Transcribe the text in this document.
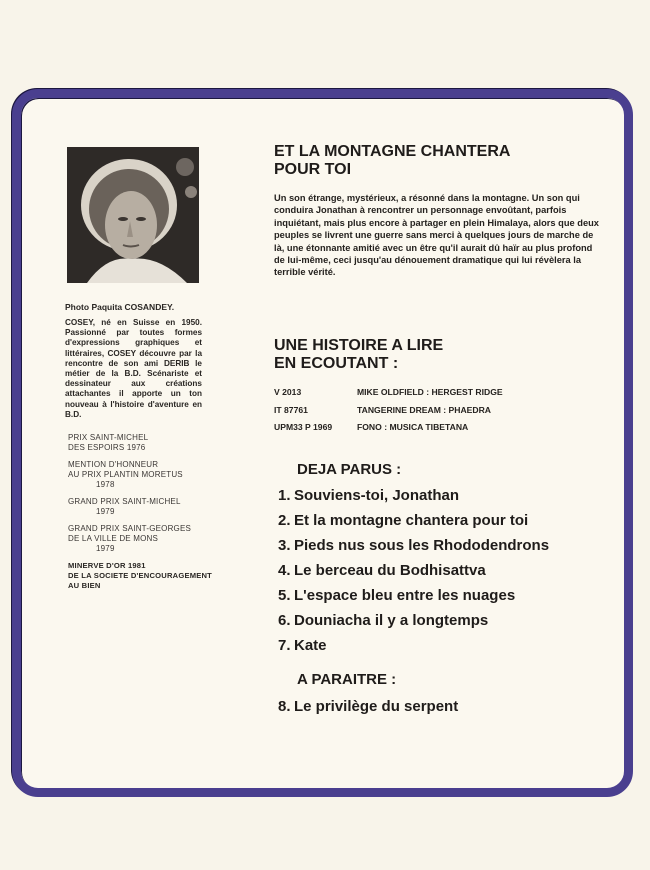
Photo Paquita COSANDEY.
COSEY, né en Suisse en 1950. Passionné par toutes formes d'expressions graphiques et littéraires, COSEY découvre par la rencontre de son ami DERIB le métier de la B.D. Scénariste et dessinateur aux créations attachantes il apporte un ton nouveau à l'histoire d'aventure en B.D.
PRIX SAINT-MICHEL
DES ESPOIRS 1976
MENTION D'HONNEUR
AU PRIX PLANTIN MORETUS
1978
GRAND PRIX SAINT-MICHEL
1979
GRAND PRIX SAINT-GEORGES
DE LA VILLE DE MONS
1979
MINERVE D'OR 1981
DE LA SOCIETE D'ENCOURAGEMENT
AU BIEN
ET LA MONTAGNE CHANTERA
POUR TOI

Un son étrange, mystérieux, a résonné dans la montagne. Un son qui conduira Jonathan à rencontrer un personnage envoûtant, parfois inquiétant, mais plus encore à partager en plein Himalaya, alors que deux peuples se livrent une guerre sans merci à quelques jours de marche de là, une étonnante amitié avec un être qu'il aurait dû haïr au plus profond de lui-même, ceci jusqu'au dénouement dramatique qui lui révèlera la terrible vérité.

UNE HISTOIRE A LIRE
EN ECOUTANT :
V 2013	MIKE OLDFIELD : HERGEST RIDGE
IT 87761	TANGERINE DREAM : PHAEDRA
UPM33 P 1969	FONO : MUSICA TIBETANA
DEJA PARUS :
1. Souviens-toi, Jonathan
2. Et la montagne chantera pour toi
3. Pieds nus sous les Rhododendrons
4. Le berceau du Bodhisattva
5. L'espace bleu entre les nuages
6. Douniacha il y a longtemps
7. Kate
A PARAITRE :
8. Le privilège du serpent
